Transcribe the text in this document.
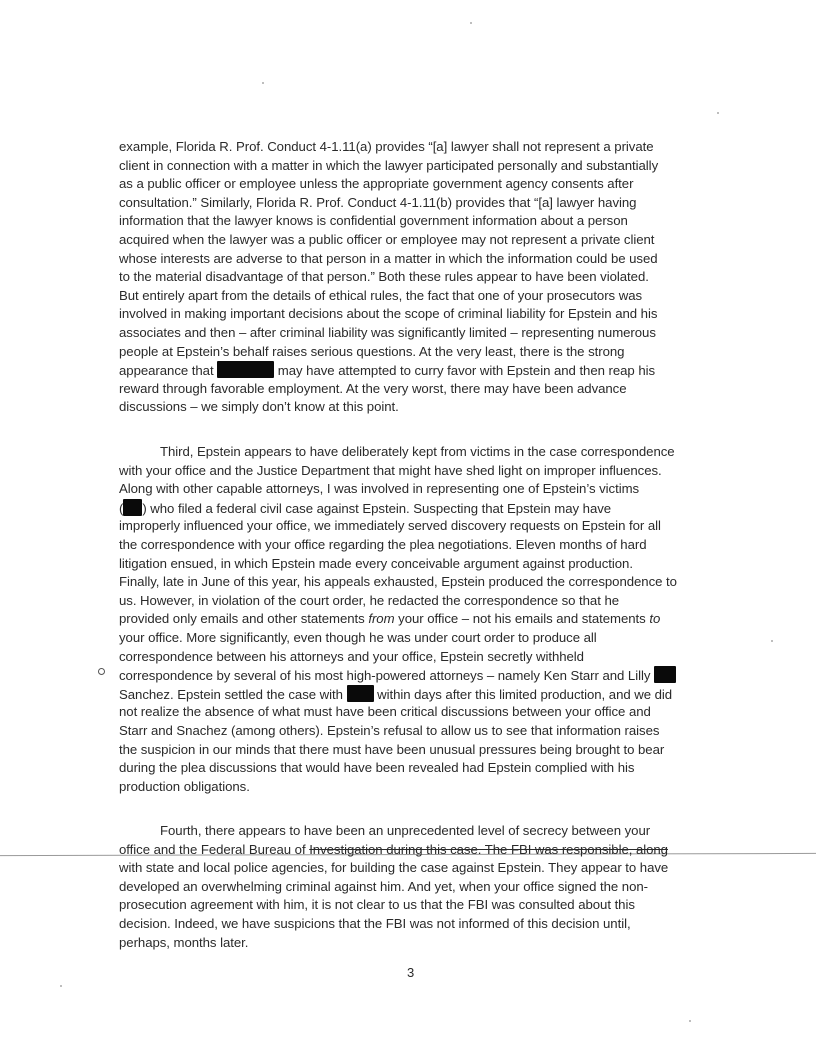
example, Florida R. Prof. Conduct 4-1.11(a) provides “[a] lawyer shall not represent a private
client in connection with a matter in which the lawyer participated personally and substantially
as a public officer or employee unless the appropriate government agency consents after
consultation.” Similarly, Florida R. Prof. Conduct 4-1.11(b) provides that “[a] lawyer having
information that the lawyer knows is confidential government information about a person
acquired when the lawyer was a public officer or employee may not represent a private client
whose interests are adverse to that person in a matter in which the information could be used
to the material disadvantage of that person.” Both these rules appear to have been violated.
But entirely apart from the details of ethical rules, the fact that one of your prosecutors was
involved in making important decisions about the scope of criminal liability for Epstein and his
associates and then – after criminal liability was significantly limited – representing numerous
people at Epstein’s behalf raises serious questions. At the very least, there is the strong
appearance that	may have attempted to curry favor with Epstein and then reap his
reward through favorable employment. At the very worst, there may have been advance
discussions – we simply don’t know at this point.
Third, Epstein appears to have deliberately kept from victims in the case correspondence
with your office and the Justice Department that might have shed light on improper influences.
Along with other capable attorneys, I was involved in representing one of Epstein’s victims
( ) who filed a federal civil case against Epstein. Suspecting that Epstein may have
improperly influenced your office, we immediately served discovery requests on Epstein for all
the correspondence with your office regarding the plea negotiations. Eleven months of hard
litigation ensued, in which Epstein made every conceivable argument against production.
Finally, late in June of this year, his appeals exhausted, Epstein produced the correspondence to
us. However, in violation of the court order, he redacted the correspondence so that he
provided only emails and other statements from your office – not his emails and statements to
your office. More significantly, even though he was under court order to produce all
correspondence between his attorneys and your office, Epstein secretly withheld
correspondence by several of his most high-powered attorneys – namely Ken Starr and Lilly
Sanchez. Epstein settled the case with  within days after this limited production, and we did
not realize the absence of what must have been critical discussions between your office and
Starr and Snachez (among others). Epstein’s refusal to allow us to see that information raises
the suspicion in our minds that there must have been unusual pressures being brought to bear
during the plea discussions that would have been revealed had Epstein complied with his
production obligations.
Fourth, there appears to have been an unprecedented level of secrecy between your
office and the Federal Bureau of Investigation during this case. The FBI was responsible, along
with state and local police agencies, for building the case against Epstein. They appear to have
developed an overwhelming criminal against him. And yet, when your office signed the non-
prosecution agreement with him, it is not clear to us that the FBI was consulted about this
decision. Indeed, we have suspicions that the FBI was not informed of this decision until,
perhaps, months later.
3
